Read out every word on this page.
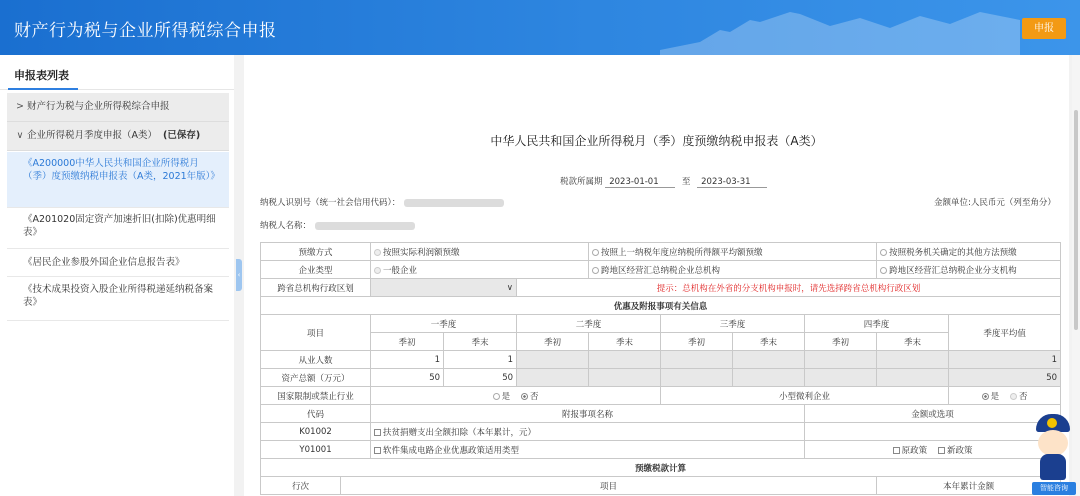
财产行为税与企业所得税综合申报	申报
申报表列表
> 财产行为税与企业所得税综合申报
∨ 企业所得税月季度申报（A类） (已保存)
《A200000中华人民共和国企业所得税月（季）度预缴纳税申报表（A类，2021年版）》
《A201020固定资产加速折旧(扣除)优惠明细表》
《居民企业参股外国企业信息报告表》
《技术成果投资入股企业所得税递延纳税备案表》
‹
中华人民共和国企业所得税月（季）度预缴纳税申报表（A类）
税款所属期 2023-01-01	至 2023-03-31
纳税人识别号（统一社会信用代码）：	金额单位:人民币元（列至角分）
纳税人名称：
预缴方式		按照实际利润额预缴			按照上一纳税年度应纳税所得额平均额预缴				按照税务机关确定的其他方法预缴	
企业类型		一般企业			跨地区经营汇总纳税企业总机构				跨地区经营汇总纳税企业分支机构	
跨省总机构行政区划		∨		提示：总机构在外省的分支机构申报时，请先选择跨省总机构行政区划						
优惠及附报事项有关信息										
项目		一季度		二季度		三季度		四季度		季度平均值
		季初	季末	季初	季末	季初	季末	季初	季末	
从业人数		1	1							1
资产总额（万元）		50	50							50
国家限制或禁止行业		是 否				小型微利企业				是 否
代码		附报事项名称						金额或选项		
K01002		扶贫捐赠支出全额扣除（本年累计，元）								
Y01001		软件集成电路企业优惠政策适用类型						原政策 新政策		
预缴税款计算										
行次	项目								本年累计金额		智能咨询
